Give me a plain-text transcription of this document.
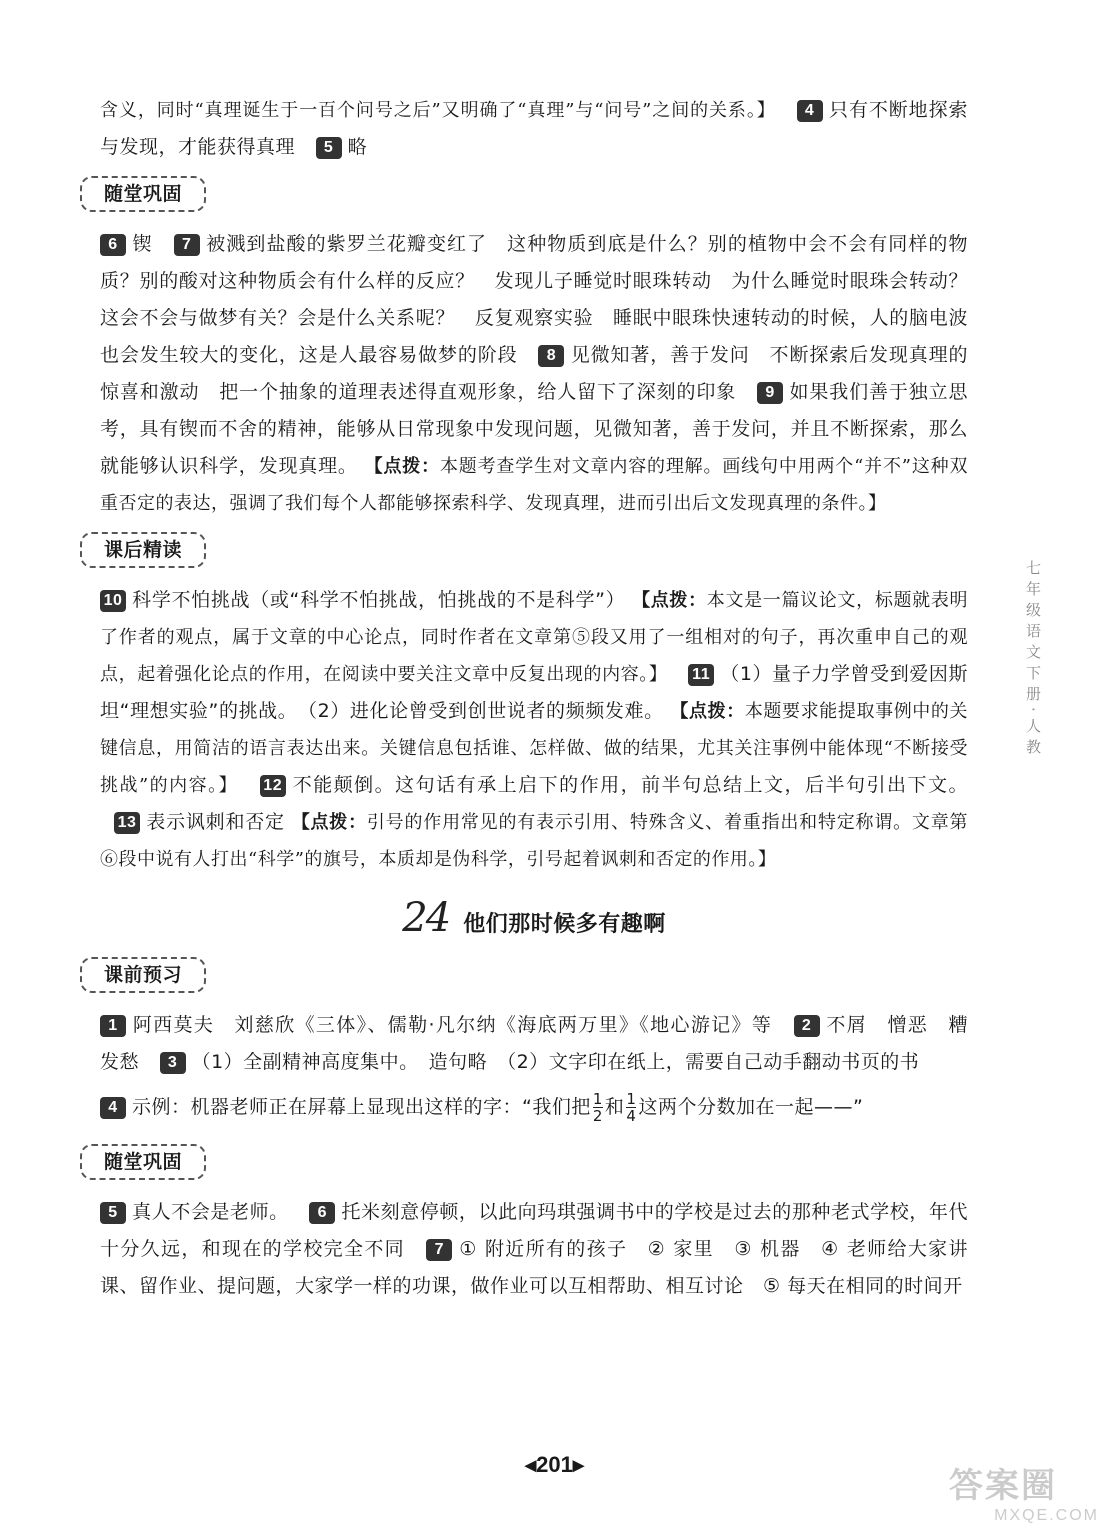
含义，同时“真理诞生于一百个问号之后”又明确了“真理”与“问号”之间的关系。】 4 只有不断地探索与发现，才能获得真理 5 略

随堂巩固

6 锲 7 被溅到盐酸的紫罗兰花瓣变红了　这种物质到底是什么？别的植物中会不会有同样的物质？别的酸对这种物质会有什么样的反应？　发现儿子睡觉时眼珠转动　为什么睡觉时眼珠会转动？这会不会与做梦有关？会是什么关系呢？　反复观察实验　睡眠中眼珠快速转动的时候，人的脑电波也会发生较大的变化，这是人最容易做梦的阶段 8 见微知著，善于发问　不断探索后发现真理的惊喜和激动　把一个抽象的道理表述得直观形象，给人留下了深刻的印象 9 如果我们善于独立思考，具有锲而不舍的精神，能够从日常现象中发现问题，见微知著，善于发问，并且不断探索，那么就能够认识科学，发现真理。 【点拨：本题考查学生对文章内容的理解。画线句中用两个“并不”这种双重否定的表达，强调了我们每个人都能够探索科学、发现真理，进而引出后文发现真理的条件。】

课后精读

10 科学不怕挑战（或“科学不怕挑战，怕挑战的不是科学”） 【点拨：本文是一篇议论文，标题就表明了作者的观点，属于文章的中心论点，同时作者在文章第⑤段又用了一组相对的句子，再次重申自己的观点，起着强化论点的作用，在阅读中要关注文章中反复出现的内容。】 11 （1）量子力学曾受到爱因斯坦“理想实验”的挑战。　（2）进化论曾受到创世说者的频频发难。 【点拨：本题要求能提取事例中的关键信息，用简洁的语言表达出来。关键信息包括谁、怎样做、做的结果，尤其关注事例中能体现“不断接受挑战”的内容。】 12 不能颠倒。这句话有承上启下的作用，前半句总结上文，后半句引出下文。 13 表示讽刺和否定 【点拨：引号的作用常见的有表示引用、特殊含义、着重指出和特定称谓。文章第⑥段中说有人打出“科学”的旗号，本质却是伪科学，引号起着讽刺和否定的作用。】

24 他们那时候多有趣啊
课前预习

1 阿西莫夫　刘慈欣《三体》、儒勒·凡尔纳《海底两万里》《地心游记》等 2 不屑　憎恶　糟　发愁 3 （1）全副精神高度集中。　造句略　（2）文字印在纸上，需要自己动手翻动书页的书

4 示例：机器老师正在屏幕上显现出这样的字：“我们把 $\frac{1}{2}$ 和 $\frac{1}{4}$ 这两个分数加在一起——”

随堂巩固

5 真人不会是老师。 6 托米刻意停顿，以此向玛琪强调书中的学校是过去的那种老式学校，年代十分久远，和现在的学校完全不同 7 ① 附近所有的孩子　② 家里　③ 机器　④ 老师给大家讲课、留作业、提问题，大家学一样的功课，做作业可以互相帮助、相互讨论　⑤ 每天在相同的时间开

七年级语文下册·人教
◂201▸
答案圈
MXQE.COM
